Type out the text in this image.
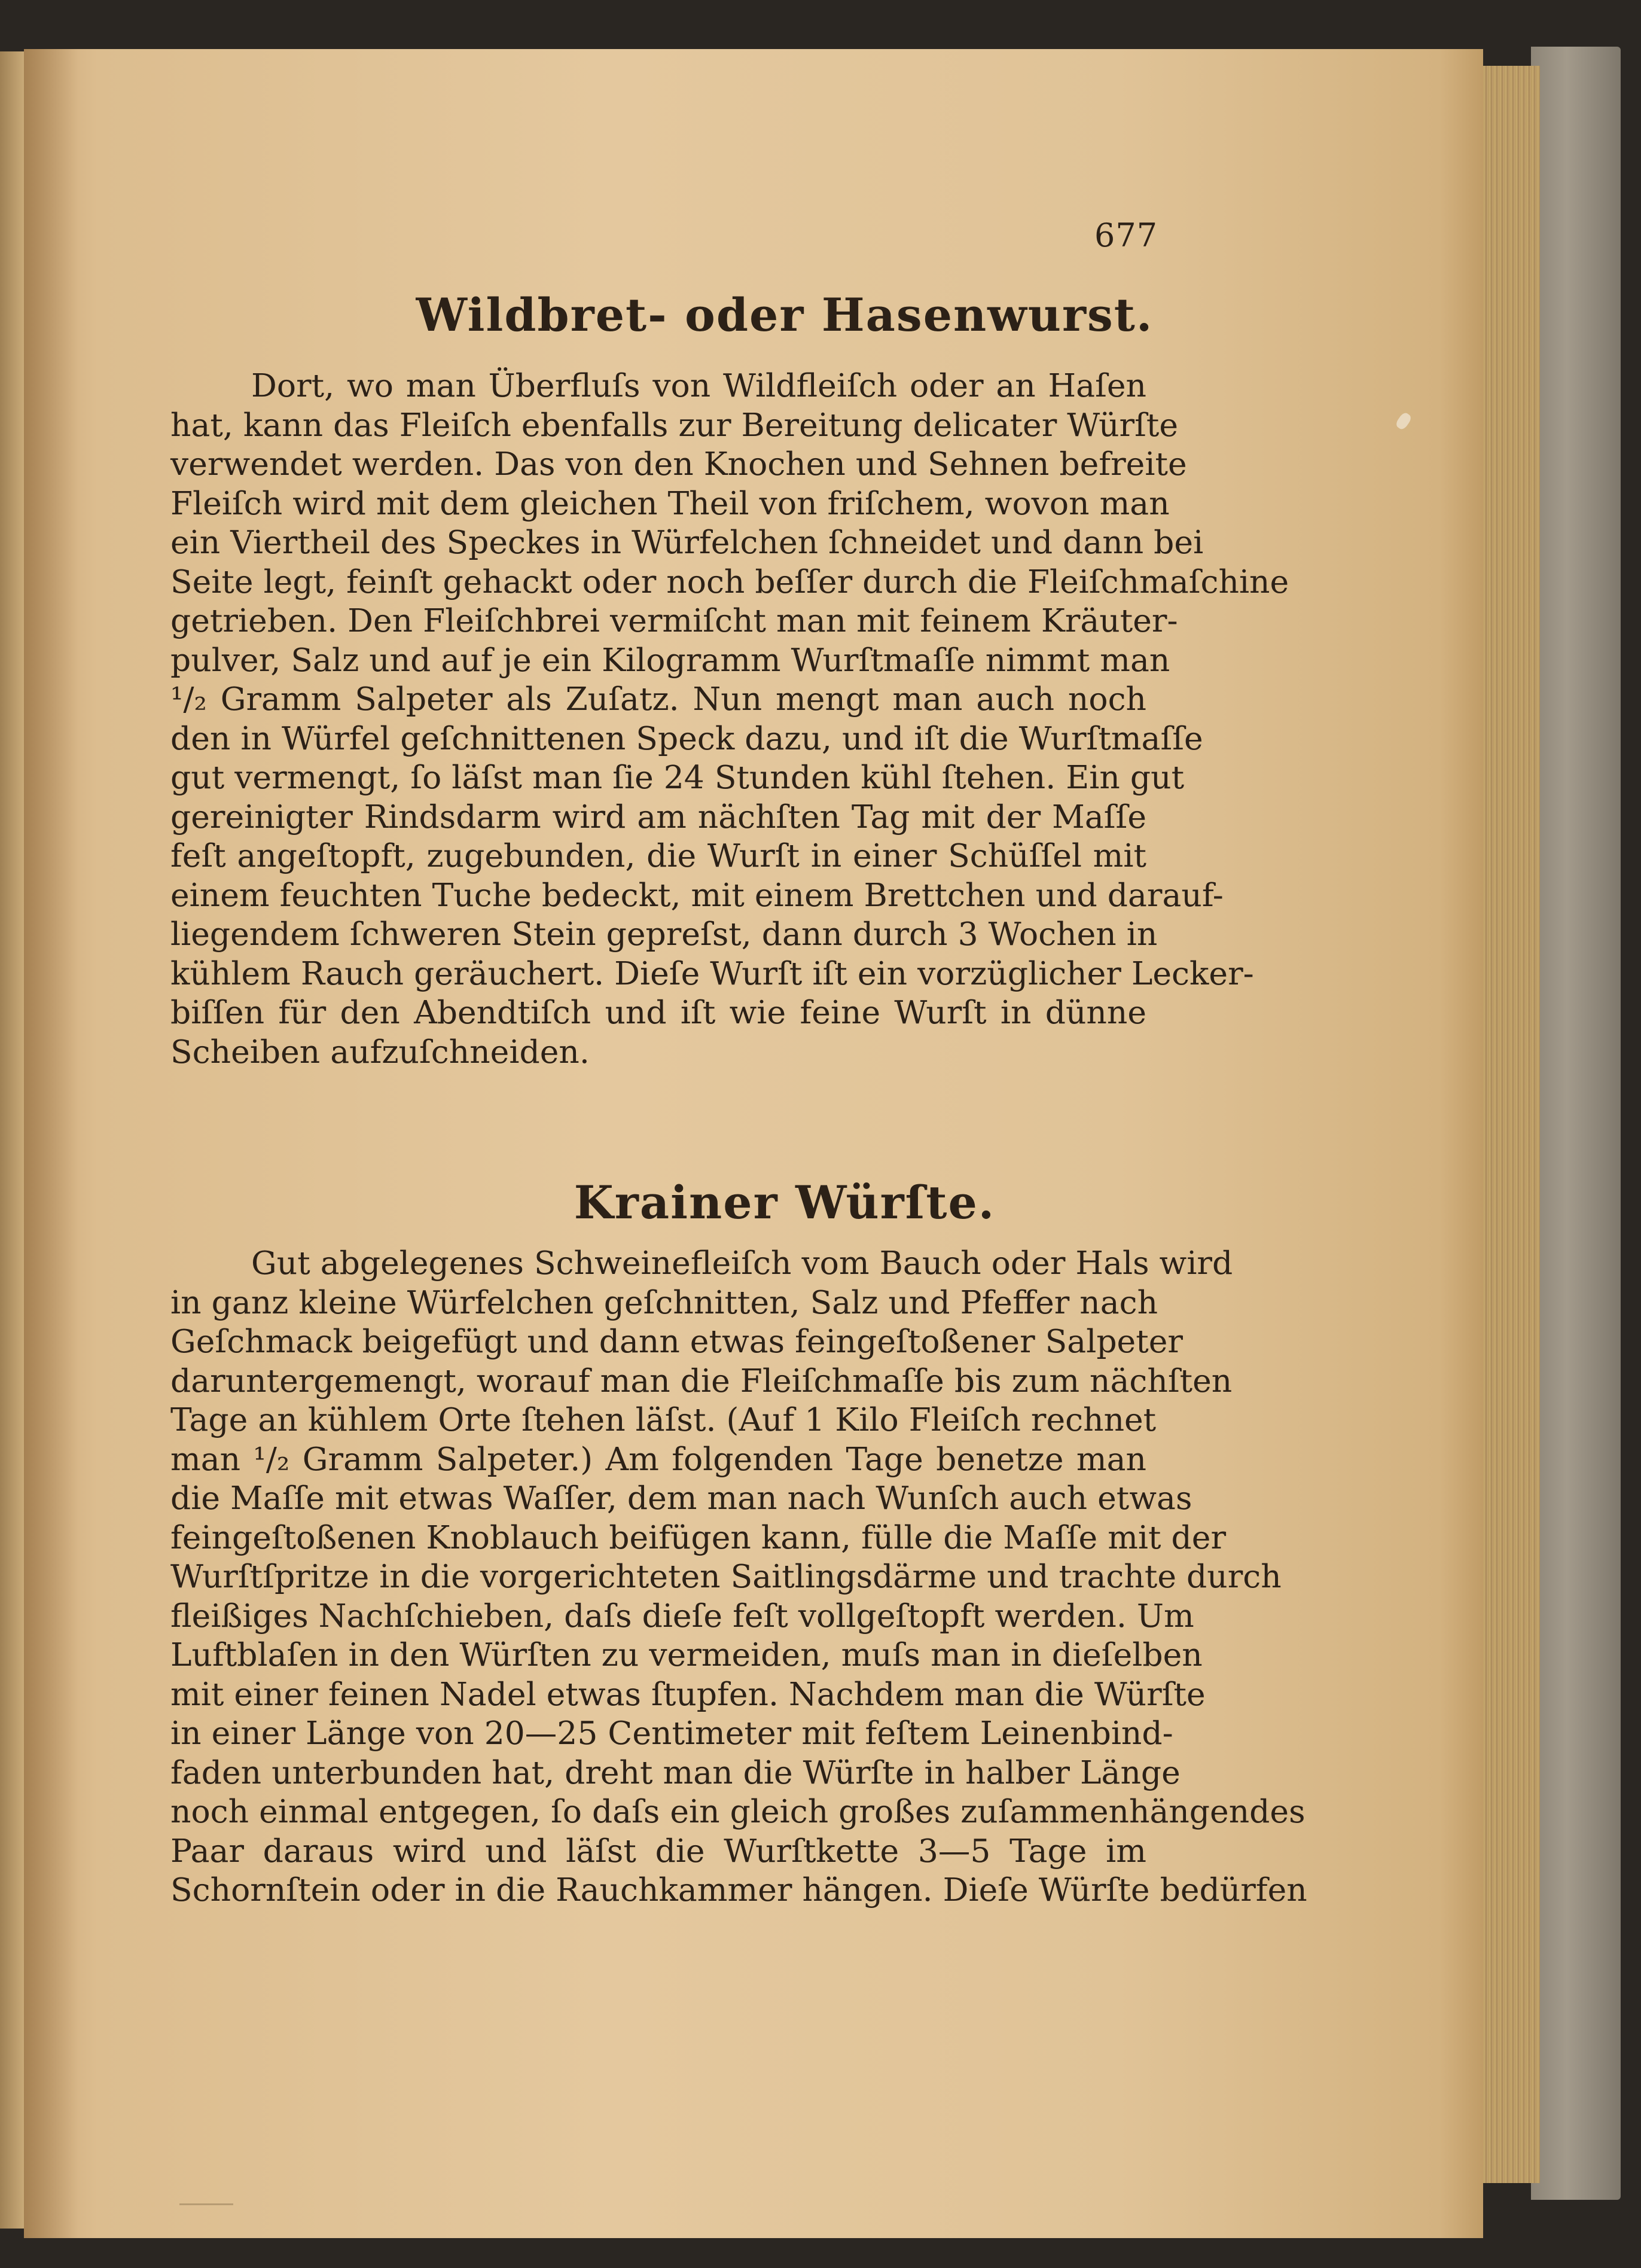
677
Wildbret- oder Hasenwurst.
Dort, wo man Überfluſs von Wildfleiſch oder an Haſen
hat, kann das Fleiſch ebenfalls zur Bereitung delicater Würſte
verwendet werden. Das von den Knochen und Sehnen befreite
Fleiſch wird mit dem gleichen Theil von friſchem, wovon man
ein Viertheil des Speckes in Würfelchen ſchneidet und dann bei
Seite legt, feinſt gehackt oder noch beſſer durch die Fleiſchmaſchine
getrieben. Den Fleiſchbrei vermiſcht man mit feinem Kräuter-
pulver, Salz und auf je ein Kilogramm Wurſtmaſſe nimmt man
¹/₂ Gramm Salpeter als Zuſatz. Nun mengt man auch noch
den in Würfel geſchnittenen Speck dazu, und iſt die Wurſtmaſſe
gut vermengt, ſo läſst man ſie 24 Stunden kühl ſtehen. Ein gut
gereinigter Rindsdarm wird am nächſten Tag mit der Maſſe
feſt angeſtopft, zugebunden, die Wurſt in einer Schüſſel mit
einem feuchten Tuche bedeckt, mit einem Brettchen und darauf-
liegendem ſchweren Stein gepreſst, dann durch 3 Wochen in
kühlem Rauch geräuchert. Dieſe Wurſt iſt ein vorzüglicher Lecker-
biſſen für den Abendtiſch und iſt wie feine Wurſt in dünne
Scheiben aufzuſchneiden.
Krainer Würſte.
Gut abgelegenes Schweinefleiſch vom Bauch oder Hals wird
in ganz kleine Würfelchen geſchnitten, Salz und Pfeffer nach
Geſchmack beigefügt und dann etwas feingeſtoßener Salpeter
daruntergemengt, worauf man die Fleiſchmaſſe bis zum nächſten
Tage an kühlem Orte ſtehen läſst. (Auf 1 Kilo Fleiſch rechnet
man ¹/₂ Gramm Salpeter.) Am folgenden Tage benetze man
die Maſſe mit etwas Waſſer, dem man nach Wunſch auch etwas
feingeſtoßenen Knoblauch beifügen kann, fülle die Maſſe mit der
Wurſtſpritze in die vorgerichteten Saitlingsdärme und trachte durch
fleißiges Nachſchieben, daſs dieſe feſt vollgeſtopft werden. Um
Luftblaſen in den Würſten zu vermeiden, muſs man in dieſelben
mit einer feinen Nadel etwas ſtupfen. Nachdem man die Würſte
in einer Länge von 20—25 Centimeter mit feſtem Leinenbind-
faden unterbunden hat, dreht man die Würſte in halber Länge
noch einmal entgegen, ſo daſs ein gleich großes zuſammenhängendes
Paar daraus wird und läſst die Wurſtkette 3—5 Tage im
Schornſtein oder in die Rauchkammer hängen. Dieſe Würſte bedürfen
